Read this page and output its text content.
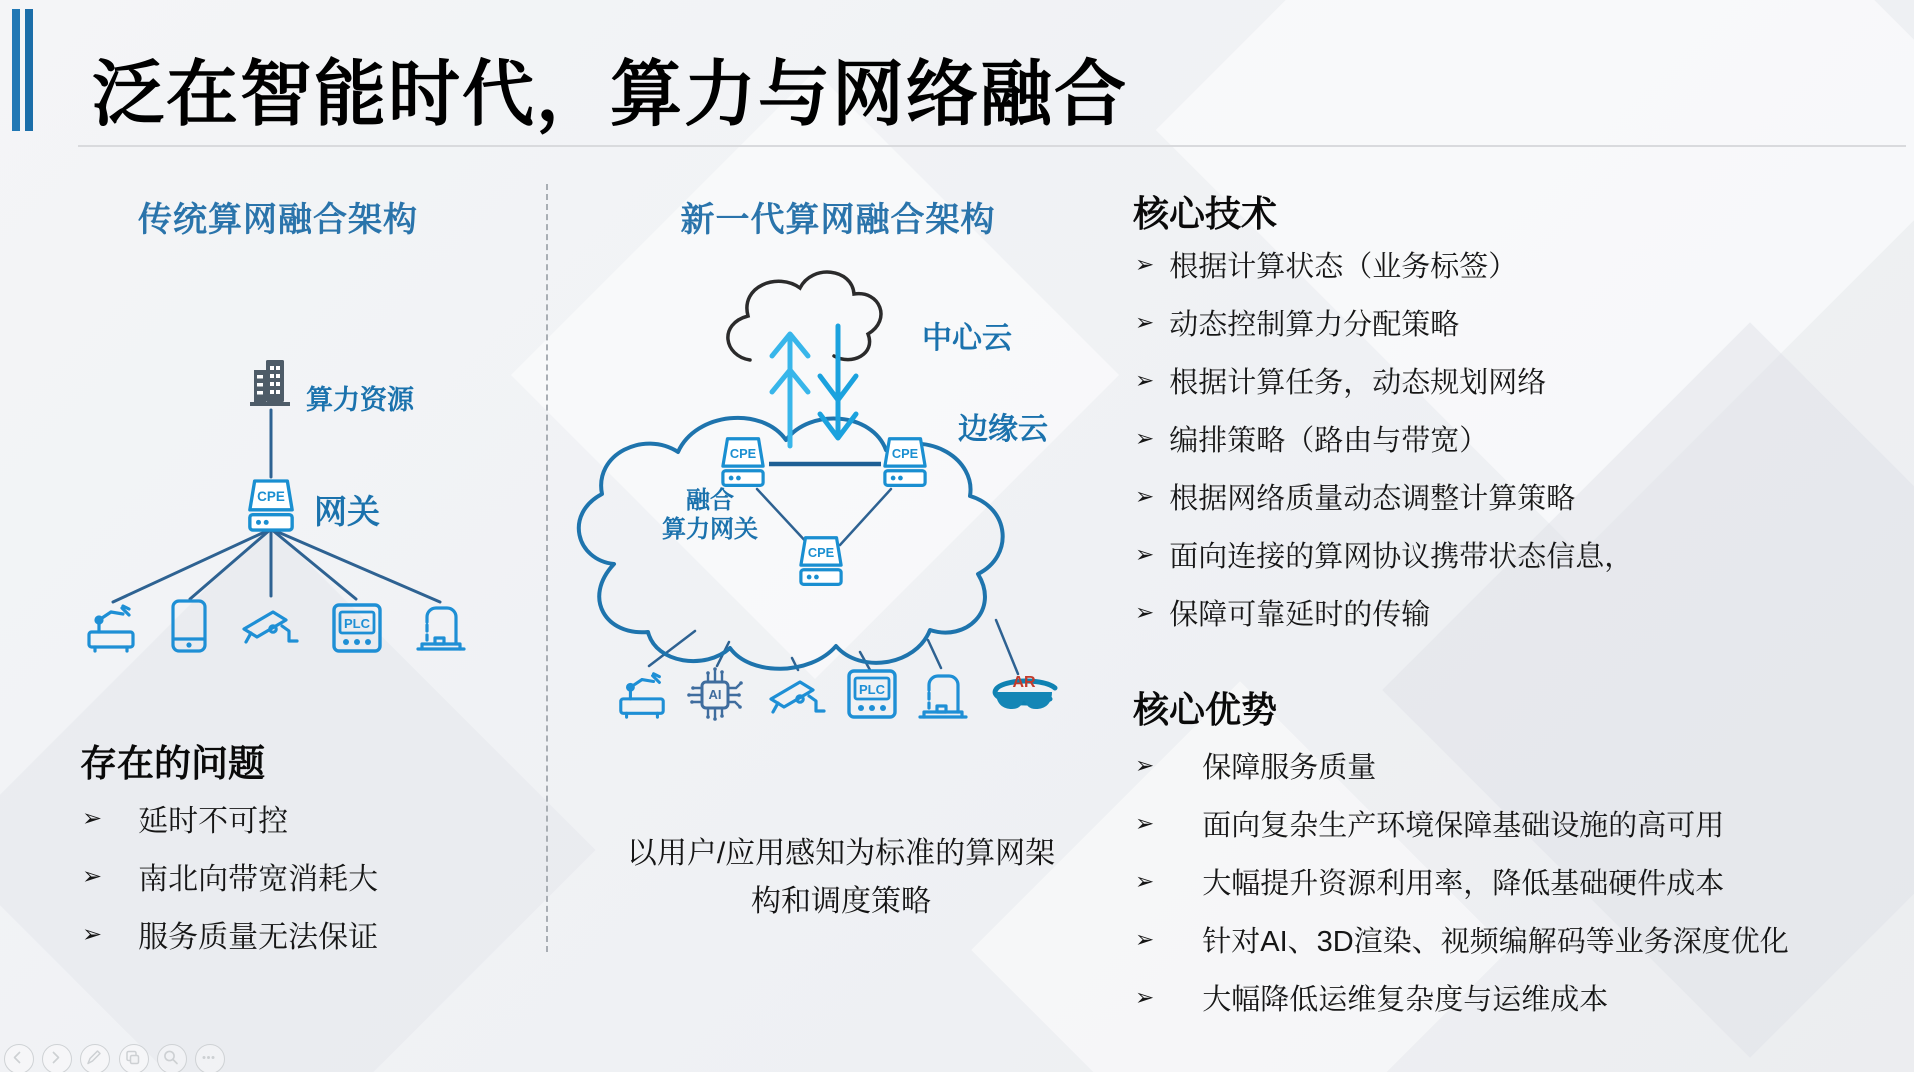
泛在智能时代，算力与网络融合
传统算网融合架构
算力资源
CPE 网关
PLC
存在的问题
➢ 延时不可控
➢ 南北向带宽消耗大
➢ 服务质量无法保证
新一代算网融合架构
中心云
边缘云
CPE	CPE
CPE
融合
算力网关
AI	PLC	AR
以用户/应用感知为标准的算网架
构和调度策略
核心技术
➢ 根据计算状态（业务标签）
➢ 动态控制算力分配策略
➢ 根据计算任务，动态规划网络
➢ 编排策略（路由与带宽）
➢ 根据网络质量动态调整计算策略
➢ 面向连接的算网协议携带状态信息，
➢ 保障可靠延时的传输
核心优势
➢ 保障服务质量
➢ 面向复杂生产环境保障基础设施的高可用
➢ 大幅提升资源利用率，降低基础硬件成本
➢ 针对AI、3D渲染、视频编解码等业务深度优化
➢ 大幅降低运维复杂度与运维成本
